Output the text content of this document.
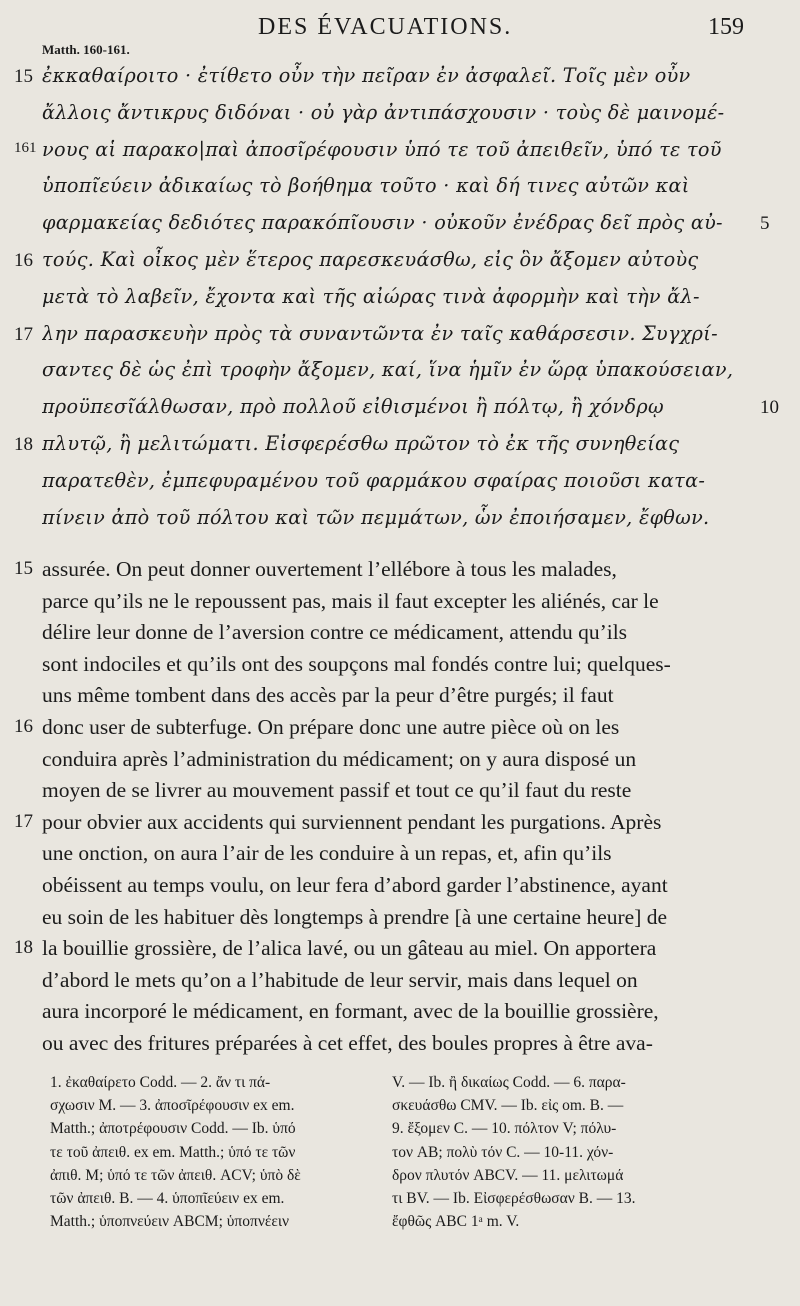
DES ÉVACUATIONS.	159
Matth. 160-161.
ἐκκαθαίροιτο · ἐτίθετο οὖν τὴν πεῖραν ἐν ἀσφαλεῖ. Τοῖς μὲν οὖν
ἄλλοις ἄντικρυς διδόναι · οὐ γὰρ ἀντιπάσχουσιν · τοὺς δὲ μαινομέ-
νους αἱ παρακο|παὶ ἀποσῖρέφουσιν ὑπό τε τοῦ ἀπειθεῖν, ὑπό τε τοῦ
ὑποπῖεύειν ἀδικαίως τὸ βοήθημα τοῦτο · καὶ δή τινες αὐτῶν καὶ
φαρμακείας δεδιότες παρακόπῖουσιν · οὐκοῦν ἐνέδρας δεῖ πρὸς αὐ-
τούς. Καὶ οἶκος μὲν ἕτερος παρεσκευάσθω, εἰς ὃν ἄξομεν αὐτοὺς
μετὰ τὸ λαβεῖν, ἔχοντα καὶ τῆς αἰώρας τινὰ ἀφορμὴν καὶ τὴν ἄλ-
λην παρασκευὴν πρὸς τὰ συναντῶντα ἐν ταῖς καθάρσεσιν. Συγχρί-
σαντες δὲ ὡς ἐπὶ τροφὴν ἄξομεν, καί, ἵνα ἡμῖν ἐν ὥρᾳ ὑπακούσειαν,
προϋπεσῖάλθωσαν, πρὸ πολλοῦ εἰθισμένοι ἢ πόλτῳ, ἢ χόνδρῳ
πλυτῷ, ἢ μελιτώματι. Εἰσφερέσθω πρῶτον τὸ ἐκ τῆς συνηθείας
παρατεθὲν, ἐμπεφυραμένου τοῦ φαρμάκου σφαίρας ποιοῦσι κατα-
πίνειν ἀπὸ τοῦ πόλτου καὶ τῶν πεμμάτων, ὧν ἐποιήσαμεν, ἔφθων.
15
161
16
17
18
5
10
assurée. On peut donner ouvertement l’ellébore à tous les malades,
parce qu’ils ne le repoussent pas, mais il faut excepter les aliénés, car le
délire leur donne de l’aversion contre ce médicament, attendu qu’ils
sont indociles et qu’ils ont des soupçons mal fondés contre lui; quelques-
uns même tombent dans des accès par la peur d’être purgés; il faut
donc user de subterfuge. On prépare donc une autre pièce où on les
conduira après l’administration du médicament; on y aura disposé un
moyen de se livrer au mouvement passif et tout ce qu’il faut du reste
pour obvier aux accidents qui surviennent pendant les purgations. Après
une onction, on aura l’air de les conduire à un repas, et, afin qu’ils
obéissent au temps voulu, on leur fera d’abord garder l’abstinence, ayant
eu soin de les habituer dès longtemps à prendre [à une certaine heure] de
la bouillie grossière, de l’alica lavé, ou un gâteau au miel. On apportera
d’abord le mets qu’on a l’habitude de leur servir, mais dans lequel on
aura incorporé le médicament, en formant, avec de la bouillie grossière,
ou avec des fritures préparées à cet effet, des boules propres à être ava-
15
16
17
18
1. ἐκαθαίρετο Codd. — 2. ἄν τι πά-
σχωσιν M. — 3. ἀποσῖρέφουσιν ex em.
Matth.; ἀποτρέφουσιν Codd. — Ib. ὑπό
τε τοῦ ἀπειθ. ex em. Matth.; ὑπό τε τῶν
ἀπιθ. M; ὑπό τε τῶν ἀπειθ. ACV; ὑπὸ δὲ
τῶν ἀπειθ. B. — 4. ὑποπῖεύειν ex em.
Matth.; ὑποπνεύειν ABCM; ὑποπνέειν
V. — Ib. ἢ δικαίως Codd. — 6. παρα-
σκευάσθω CMV. — Ib. εἰς om. B. —
9. ἔξομεν C. — 10. πόλτον V; πόλυ-
τον AB; πολὺ τόν C. — 10-11. χόν-
δρον πλυτόν ABCV. — 11. μελιτωμά
τι BV. — Ib. Εἰσφερέσθωσαν B. — 13.
ἔφθῶς ABC 1ᵃ m. V.
